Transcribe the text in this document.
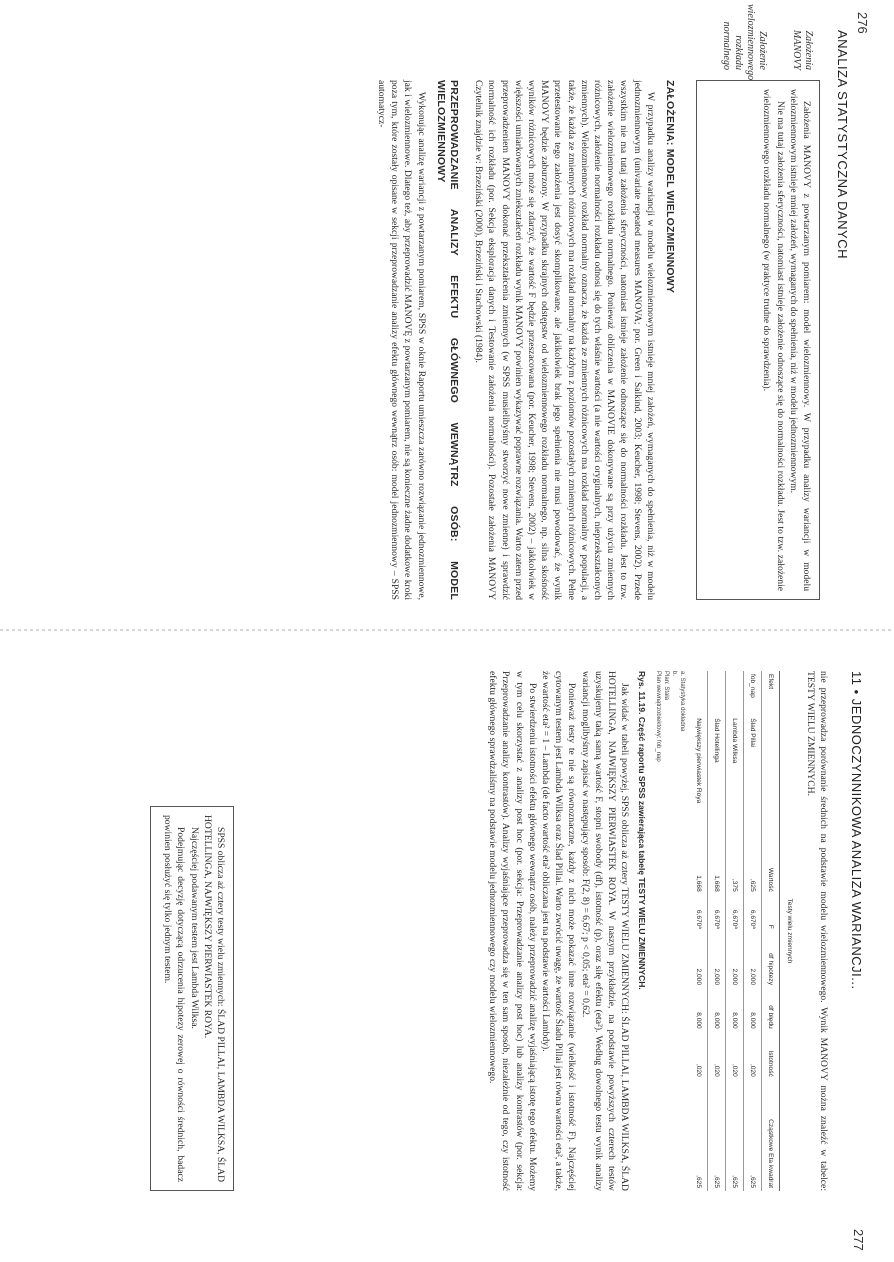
276
ANALIZA STATYSTYCZNA DANYCH
Założenia MANOVY
Założenie wielozmiennowego rozkładu normalnego

Założenia MANOVY z powtarzanym pomiarem: model wielozmiennowy. W przypadku analizy wariancji w modelu wielozmiennowym istnieje mniej założeń, wymaganych do spełnienia, niż w modelu jednozmiennowym.

Nie ma tutaj założenia sferyczności, natomiast istnieje założenie odnoszące się do normalności rozkładu. Jest to tzw. założenie wielozmiennowego rozkładu normalnego (w praktyce trudne do sprawdzenia).

ZAŁOŻENIA: MODEL WIELOZMIENNOWY

W przypadku analizy wariancji w modelu wielozmiennowym istnieje mniej założeń, wymaganych do spełnienia, niż w modelu jednozmiennowym (univariate repeated measures MANOVA; por. Green i Salkind, 2003; Keucher, 1998; Stevens, 2002). Przede wszystkim nie ma tutaj założenia sferyczności, natomiast istnieje założenie odnoszące się do normalności rozkładu. Jest to tzw. założenie wielozmiennowego rozkładu normalnego. Ponieważ obliczenia w MANOVIE dokonywane są przy użyciu zmiennych różnicowych, założenie normalności rozkładu odnosi się do tych właśnie wartości (a nie wartości oryginalnych, nieprzekształconych zmiennych). Wielozmiennowy rozkład normalny oznacza, że każda ze zmiennych różnicowych ma rozkład normalny w populacji, a także, że każda ze zmiennych różnicowych ma rozkład normalny na każdym z poziomów pozostałych zmiennych różnicowych. Pełne przetestowanie tego założenia jest dosyć skomplikowane, ale jakikolwiek brak jego spełnienia nie musi powodować, że wynik MANOVY będzie zaburzony. W przypadku skrajnych odstępstw od wielozmiennowego rozkładu normalnego, np. silna skośność wyników różnicowych może się zdarzyć, że wartość F będzie przeszacowana (por. Keucher, 1998; Stevens, 2002) – jakkolwiek w większości umiarkowanych zniekształceń rozkładu wynik MANOVY powinien wykazywać poprawne rozwiązania. Warto zatem przed przeprowadzeniem MANOVY dokonać przekształcenia zmiennych (w SPSS musielibyśmy stworzyć nowe zmienne) i sprawdzić normalność ich rozkładu (por. Sekcja eksploracja danych i Testowanie założenia normalności). Pozostałe założenia MANOVY Czytelnik znajdzie w: Brzeziński (2000), Brzeziński i Stachowski (1984).

PRZEPROWADZANIE ANALIZY EFEKTU GŁÓWNEGO WEWNĄTRZ OSÓB: MODEL WIELOZMIENNOWY

Wykonując analizę wariancji z powtarzanym pomiarem, SPSS w oknie Raportu umieszcza zarówno rozwiązanie jednozmiennowe, jak i wielozmiennowe. Dlatego też, aby przeprowadzić MANOVĘ z powtarzanym pomiarem, nie są konieczne żadne dodatkowe kroki poza tym, które zostały opisane w sekcji przeprowadzanie analizy efektu głównego wewnątrz osób: model jednozmiennowy – SPSS automatycz-

11 • JEDNOCZYNNIKOWA ANALIZA WARIANCJI...
277

nie przeprowadza porównanie średnich na podstawie modelu wielozmiennowego. Wynik MANOVY można znaleźć w tabelce: TESTY WIELU ZMIENNYCH.

Testy wielu zmiennych
Efekt		Wartość	F	df hipotezy	df błędu	Istotność	Cząstkowe Eta kwadrat
fob_nap	Ślad Pillai	,625	6,670ª	2,000	8,000	,020	,625
	Lambda Wilksa	,375	6,670ª	2,000	8,000	,020	,625
	Ślad Hotellinga	1,668	6,670ª	2,000	8,000	,020	,625
	Największy pierwiastek Roya	1,668	6,670ª	2,000	8,000	,020	,625
a. Statystyka dokładna
b.
Plan: Stała
Plan wewnątrzobiektowy: fob_nap
Rys. 11.19. Część raportu SPSS zawierająca tabelę TESTY WIELU ZMIENNYCH.

Jak widać w tabeli powyżej, SPSS oblicza aż cztery TESTY WIELU ZMIENNYCH: ŚLAD PILLAI, LAMBDA WILKSA, ŚLAD HOTELLINGA, NAJWIĘKSZY PIERWIASTEK ROYA. W naszym przykładzie, na podstawie powyższych czterech testów uzyskujemy taką samą wartość F, stopni swobody (df), istotność (p), oraz siłę efektu (eta²). Według dowolnego testu wynik analizy wariancji moglibyśmy zapisać w następujący sposób: F(2, 8) = 6,67; p < 0,05; eta² = 0,62.

Ponieważ testy te nie są równoznaczne, każdy z nich może pokazać inne rozwiązanie (wielkość i istotność F). Najczęściej cytowanym testem jest Lambda Wilksa oraz Ślad Pillai. Warto zwrócić uwagę, że wartość Śladu Pillai jest równa wartości eta², a także, że wartość eta² = 1 – Lambda (de facto wartość eta² obliczana jest na podstawie wartości Lambdy).

Po stwierdzeniu istotności efektu głównego wewnątrz osób, należy przeprowadzić analizę wyjaśniającą istotę tego efektu. Możemy w tym celu skorzystać z analizy post hoc (por. sekcja: Przeprowadzanie analizy post hoc) lub analizy kontrastów (por. sekcja: Przeprowadzanie analizy kontrastów). Analizy wyjaśniające przeprowadza się w ten sam sposób, niezależnie od tego, czy istotność efektu głównego sprawdzaliśmy na podstawie modelu jednozmiennowego czy modelu wielozmiennowego.

SPSS oblicza aż cztery testy wielu zmiennych: ŚLAD PILLAI, LAMBDA WILKSA, ŚLAD HOTELLINGA, NAJWIĘKSZY PIERWIASTEK ROYA.

Najczęściej podawanym testem jest Lambda Wilksa.

Podejmując decyzję dotyczącą odrzucenia hipotezy zerowej o równości średnich, badacz powinien posłużyć się tylko jednym testem.
